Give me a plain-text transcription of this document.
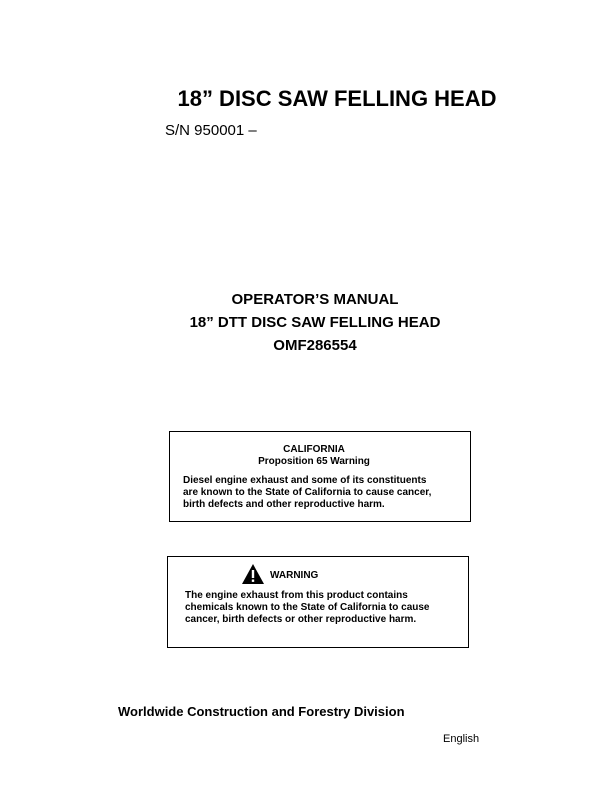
18” DISC SAW FELLING HEAD
S/N 950001 –
OPERATOR’S MANUAL
18” DTT DISC SAW FELLING HEAD
OMF286554
CALIFORNIA
Proposition 65 Warning
Diesel engine exhaust and some of its constituents
are known to the State of California to cause cancer,
birth defects and other reproductive harm.
WARNING
The engine exhaust from this product contains
chemicals known to the State of California to cause
cancer, birth defects or other reproductive harm.
Worldwide Construction and Forestry Division
English
